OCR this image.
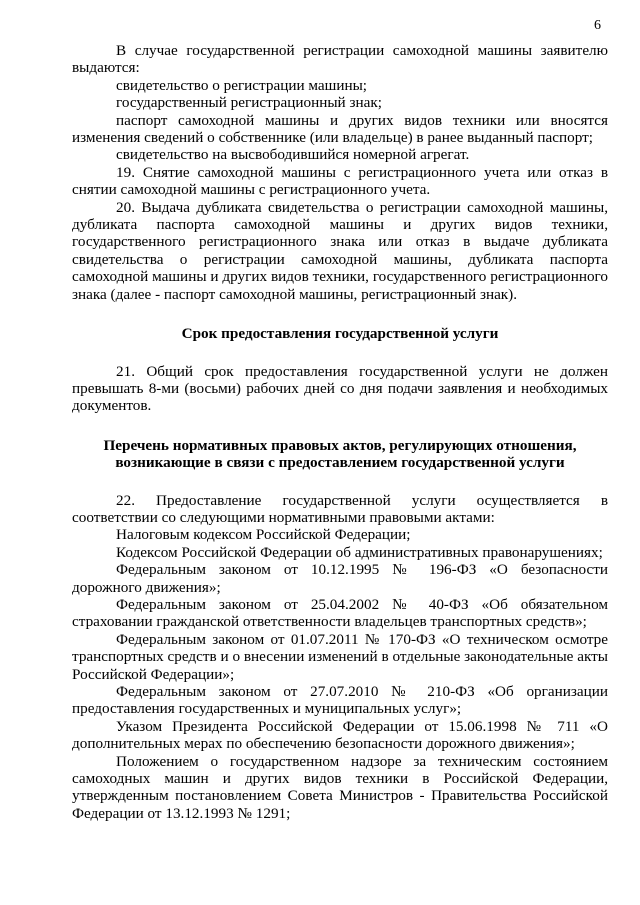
6

В случае государственной регистрации самоходной машины заявителю выдаются:

свидетельство о регистрации машины;

государственный регистрационный знак;

паспорт самоходной машины и других видов техники или вносятся изменения сведений о собственнике (или владельце) в ранее выданный паспорт;

свидетельство на высвободившийся номерной агрегат.

19. Снятие самоходной машины с регистрационного учета или отказ в снятии самоходной машины с регистрационного учета.

20. Выдача дубликата свидетельства о регистрации самоходной машины, дубликата паспорта самоходной машины и других видов техники, государственного регистрационного знака или отказ в выдаче дубликата свидетельства о регистрации самоходной машины, дубликата паспорта самоходной машины и других видов техники, государственного регистрационного знака (далее - паспорт самоходной машины, регистрационный знак).

Срок предоставления государственной услуги

21. Общий срок предоставления государственной услуги не должен превышать 8-ми (восьми) рабочих дней со дня подачи заявления и необходимых документов.

Перечень нормативных правовых актов, регулирующих отношения,
возникающие в связи с предоставлением государственной услуги

22. Предоставление государственной услуги осуществляется в соответствии со следующими нормативными правовыми актами:

Налоговым кодексом Российской Федерации;

Кодексом Российской Федерации об административных правонарушениях;

Федеральным законом от 10.12.1995 № 196-ФЗ «О безопасности дорожного движения»;

Федеральным законом от 25.04.2002 № 40-ФЗ «Об обязательном страховании гражданской ответственности владельцев транспортных средств»;

Федеральным законом от 01.07.2011 № 170-ФЗ «О техническом осмотре транспортных средств и о внесении изменений в отдельные законодательные акты Российской Федерации»;

Федеральным законом от 27.07.2010 № 210-ФЗ «Об организации предоставления государственных и муниципальных услуг»;

Указом Президента Российской Федерации от 15.06.1998 № 711 «О дополнительных мерах по обеспечению безопасности дорожного движения»;

Положением о государственном надзоре за техническим состоянием самоходных машин и других видов техники в Российской Федерации, утвержденным постановлением Совета Министров - Правительства Российской Федерации от 13.12.1993 № 1291;
